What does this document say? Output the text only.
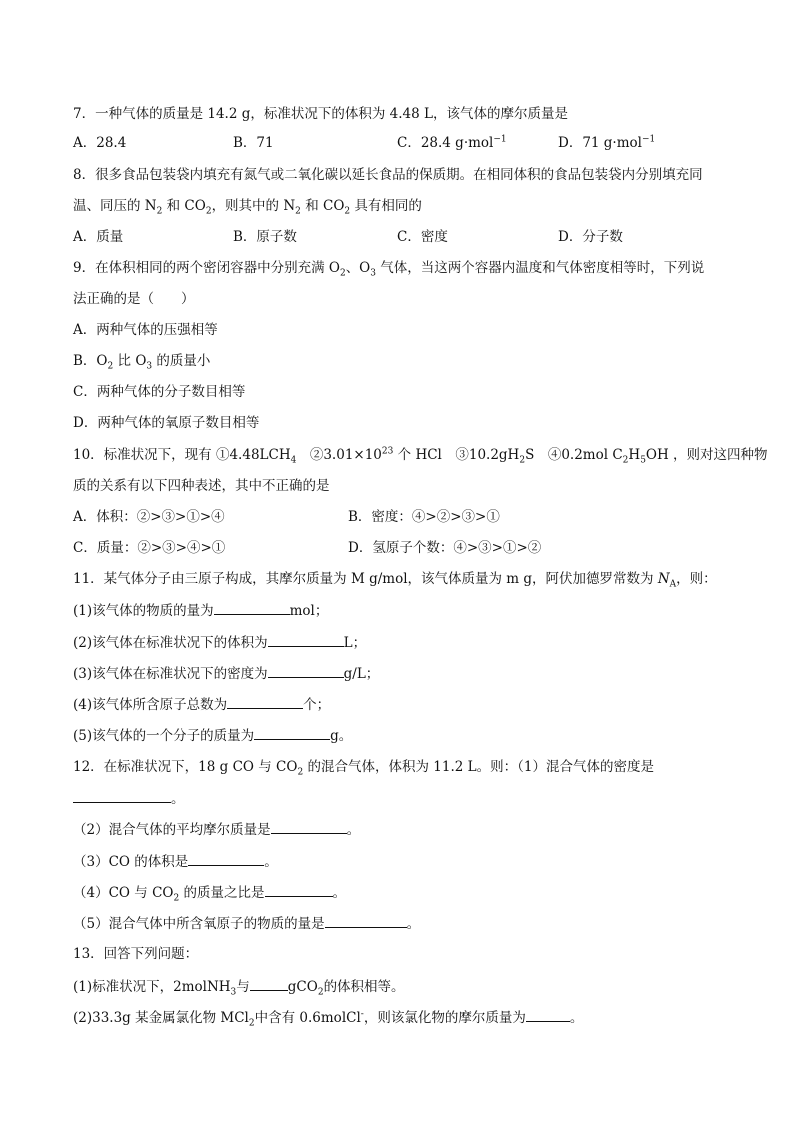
7．一种气体的质量是 14.2 g，标准状况下的体积为 4.48 L，该气体的摩尔质量是
A．28.4	B．71	C．28.4 g·mol$^{-1}$	D．71 g·mol$^{-1}$
8．很多食品包装袋内填充有氮气或二氧化碳以延长食品的保质期。在相同体积的食品包装袋内分别填充同
温、同压的 $N_2$ 和 $CO_2$，则其中的 $N_2$ 和 $CO_2$ 具有相同的
A．质量	B．原子数	C．密度	D．分子数
9．在体积相同的两个密闭容器中分别充满 $O_2$、$O_3$ 气体，当这两个容器内温度和气体密度相等时，下列说
法正确的是（　　）
A．两种气体的压强相等
B．$O_2$ 比 $O_3$ 的质量小
C．两种气体的分子数目相等
D．两种气体的氧原子数目相等
10．标准状况下，现有 $①4.48LCH_4$　$②3.01\times 10^{23}$ 个 HCl　$③10.2gH_2S$　④0.2mol $C_2H_5OH$ ，则对这四种物
质的关系有以下四种表述，其中不正确的是
A．体积：②>③>①>④	B．密度：④>②>③>①
C．质量：②>③>④>①	D．氢原子个数：④>③>①>②
11．某气体分子由三原子构成，其摩尔质量为 M g/mol，该气体质量为 m g，阿伏加德罗常数为 $N_A$，则：
(1)该气体的物质的量为	mol；
(2)该气体在标准状况下的体积为	L；
(3)该气体在标准状况下的密度为	g/L；
(4)该气体所含原子总数为	个；
(5)该气体的一个分子的质量为	g。
12．在标准状况下，18 g CO 与 $CO_2$ 的混合气体，体积为 11.2 L。则：（1）混合气体的密度是
。
（2）混合气体的平均摩尔质量是	。
（3）CO 的体积是	。
（4）CO 与 $CO_2$ 的质量之比是	。
（5）混合气体中所含氧原子的物质的量是	。
13．回答下列问题：
(1)标准状况下，2molNH$_3$与	gCO$_2$的体积相等。
(2)33.3g 某金属氯化物 MCl$_2$中含有 0.6molCl-，则该氯化物的摩尔质量为	。
